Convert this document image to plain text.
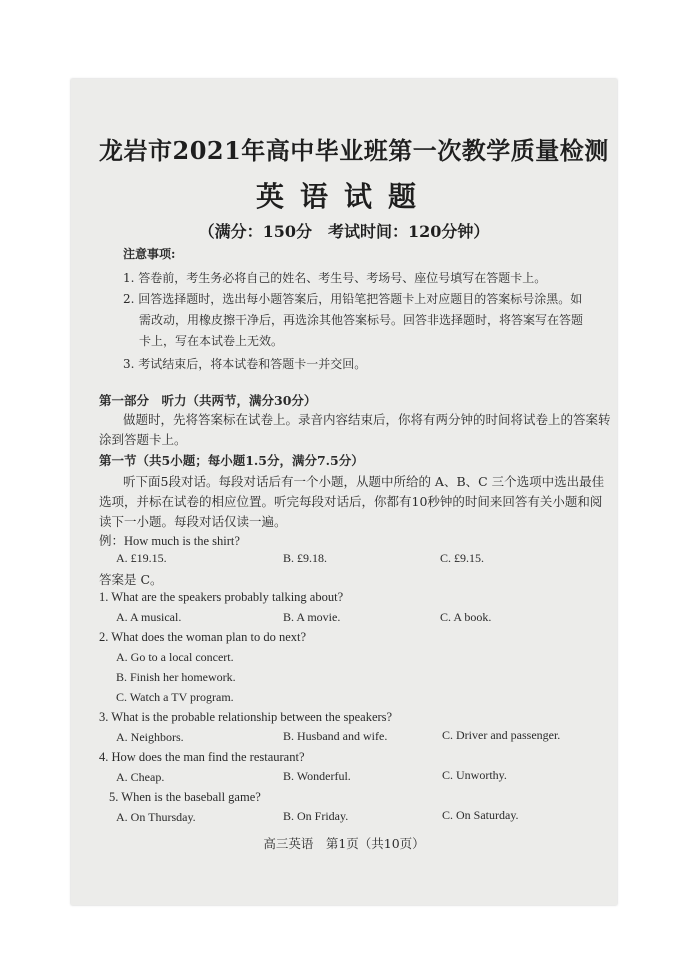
龙岩市2021年高中毕业班第一次教学质量检测
英语试题
（满分：150分　考试时间：120分钟）
注意事项:
1. 答卷前，考生务必将自己的姓名、考生号、考场号、座位号填写在答题卡上。
2. 回答选择题时，选出每小题答案后，用铅笔把答题卡上对应题目的答案标号涂黑。如
需改动，用橡皮擦干净后，再选涂其他答案标号。回答非选择题时，将答案写在答题
卡上，写在本试卷上无效。
3. 考试结束后，将本试卷和答题卡一并交回。
第一部分　听力（共两节，满分30分）
做题时，先将答案标在试卷上。录音内容结束后，你将有两分钟的时间将试卷上的答案转
涂到答题卡上。
第一节（共5小题；每小题1.5分，满分7.5分）
听下面5段对话。每段对话后有一个小题，从题中所给的 A、B、C 三个选项中选出最佳
选项，并标在试卷的相应位置。听完每段对话后，你都有10秒钟的时间来回答有关小题和阅
读下一小题。每段对话仅读一遍。
例：How much is the shirt?
A. £19.15.	B. £9.18.	C. £9.15.
答案是 C。
1. What are the speakers probably talking about?
A. A musical.	B. A movie.	C. A book.
2. What does the woman plan to do next?
A. Go to a local concert.
B. Finish her homework.
C. Watch a TV program.
3. What is the probable relationship between the speakers?
A. Neighbors.	B. Husband and wife.	C. Driver and passenger.
4. How does the man find the restaurant?
A. Cheap.	B. Wonderful.	C. Unworthy.
5. When is the baseball game?
A. On Thursday.	B. On Friday.	C. On Saturday.
高三英语　第1页（共10页）
